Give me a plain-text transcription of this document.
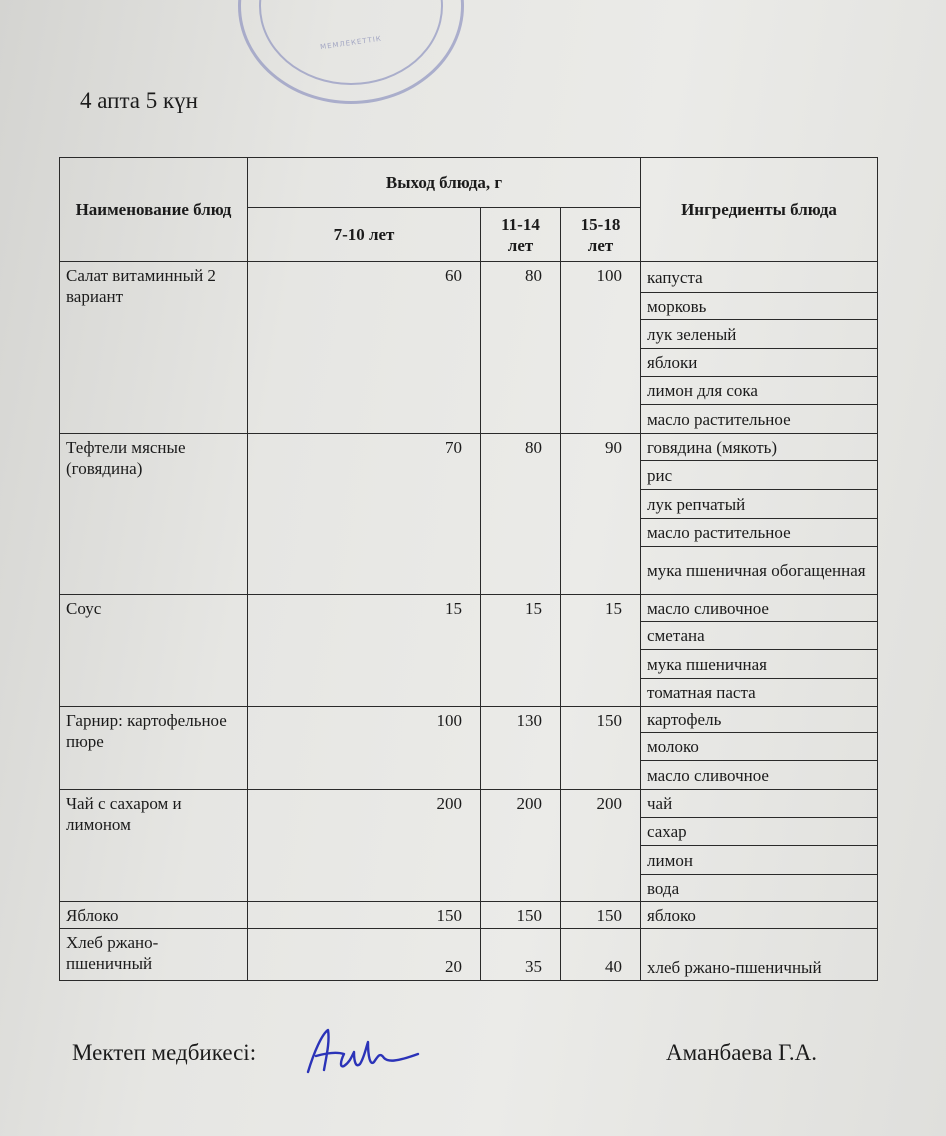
МЕМЛЕКЕТТІК
4 апта 5 күн
Наименование блюд	Выход блюда, г			Ингредиенты блюда
	7-10 лет	11-14 лет	15-18 лет	
Салат витаминный 2 вариант	60	80	100	капуста
				морковь
				лук зеленый
				яблоки
				лимон для сока
				масло растительное
Тефтели мясные (говядина)	70	80	90	говядина (мякоть)
				рис
				лук репчатый
				масло растительное
				мука пшеничная обогащенная
Соус	15	15	15	масло сливочное
				сметана
				мука пшеничная
				томатная паста
Гарнир: картофельное пюре	100	130	150	картофель
				молоко
				масло сливочное
Чай с сахаром и лимоном	200	200	200	чай
				сахар
				лимон
				вода
Яблоко	150	150	150	яблоко
Хлеб ржано-пшеничный	20	35	40	хлеб ржано-пшеничный
Мектеп медбикесі:	Аманбаева Г.А.
